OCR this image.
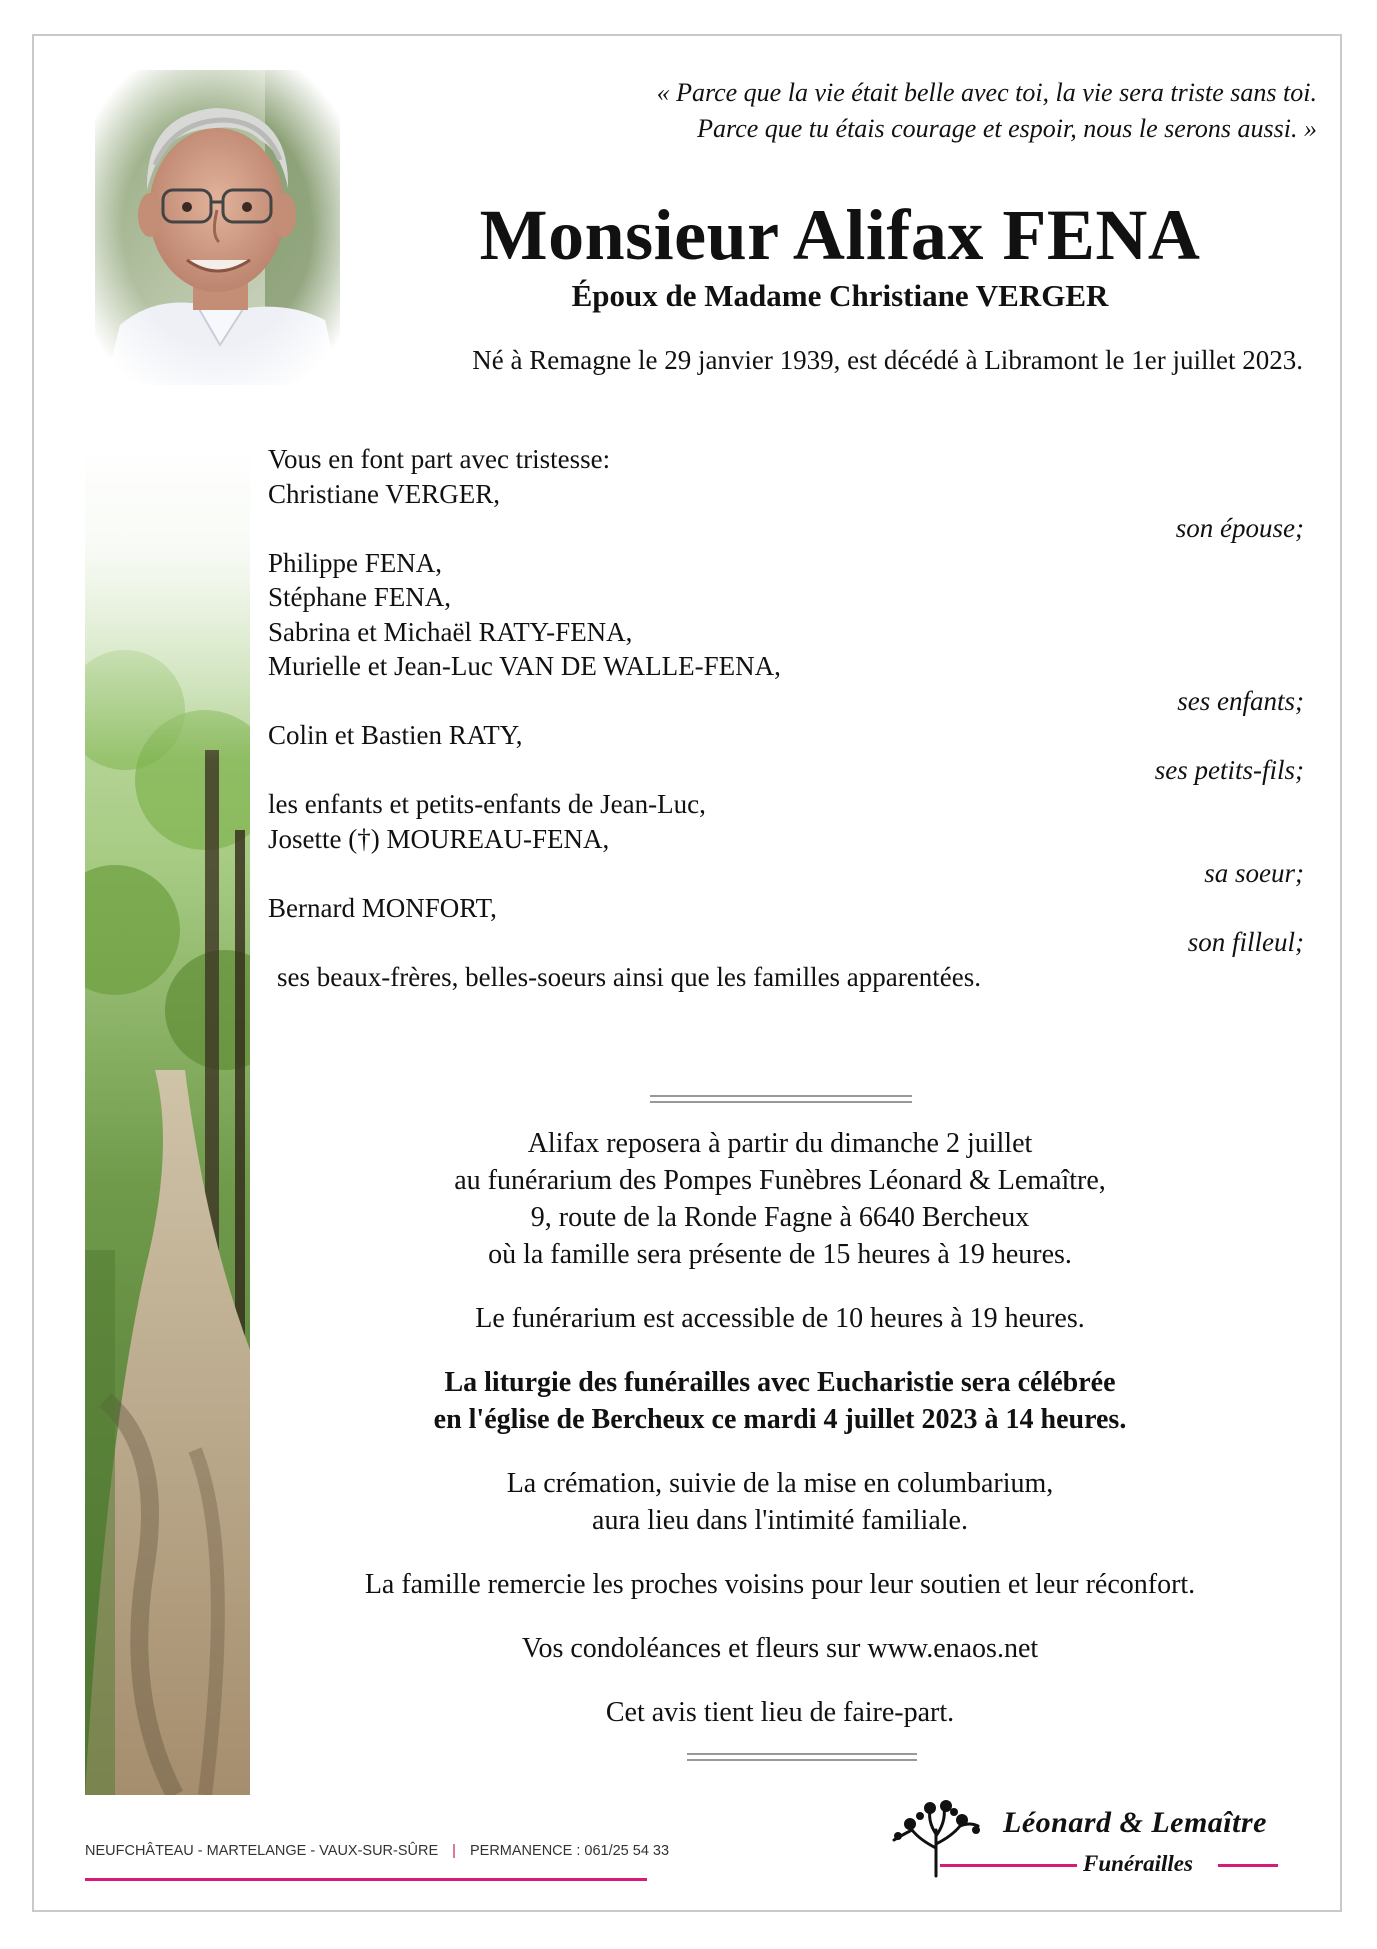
« Parce que la vie était belle avec toi, la vie sera triste sans toi.
Parce que tu étais courage et espoir, nous le serons aussi. »
Monsieur Alifax FENA
Époux de Madame Christiane VERGER
Né à Remagne le 29 janvier 1939, est décédé à Libramont le 1er juillet 2023.
Vous en font part avec tristesse:
Christiane VERGER,
son épouse;
Philippe FENA,
Stéphane FENA,
Sabrina et Michaël RATY-FENA,
Murielle et Jean-Luc VAN DE WALLE-FENA,
ses enfants;
Colin et Bastien RATY,
ses petits-fils;
les enfants et petits-enfants de Jean-Luc,
Josette (†) MOUREAU-FENA,
sa soeur;
Bernard MONFORT,
son filleul;
ses beaux-frères, belles-soeurs ainsi que les familles apparentées.

Alifax reposera à partir du dimanche 2 juillet
au funérarium des Pompes Funèbres Léonard & Lemaître,
9, route de la Ronde Fagne à 6640 Bercheux
où la famille sera présente de 15 heures à 19 heures.

Le funérarium est accessible de 10 heures à 19 heures.

La liturgie des funérailles avec Eucharistie sera célébrée
en l'église de Bercheux ce mardi 4 juillet 2023 à 14 heures.

La crémation, suivie de la mise en columbarium,
aura lieu dans l'intimité familiale.

La famille remercie les proches voisins pour leur soutien et leur réconfort.

Vos condoléances et fleurs sur www.enaos.net

Cet avis tient lieu de faire-part.

NEUFCHÂTEAU - MARTELANGE - VAUX-SUR-SÛRE | PERMANENCE : 061/25 54 33
Léonard & Lemaître
Funérailles
